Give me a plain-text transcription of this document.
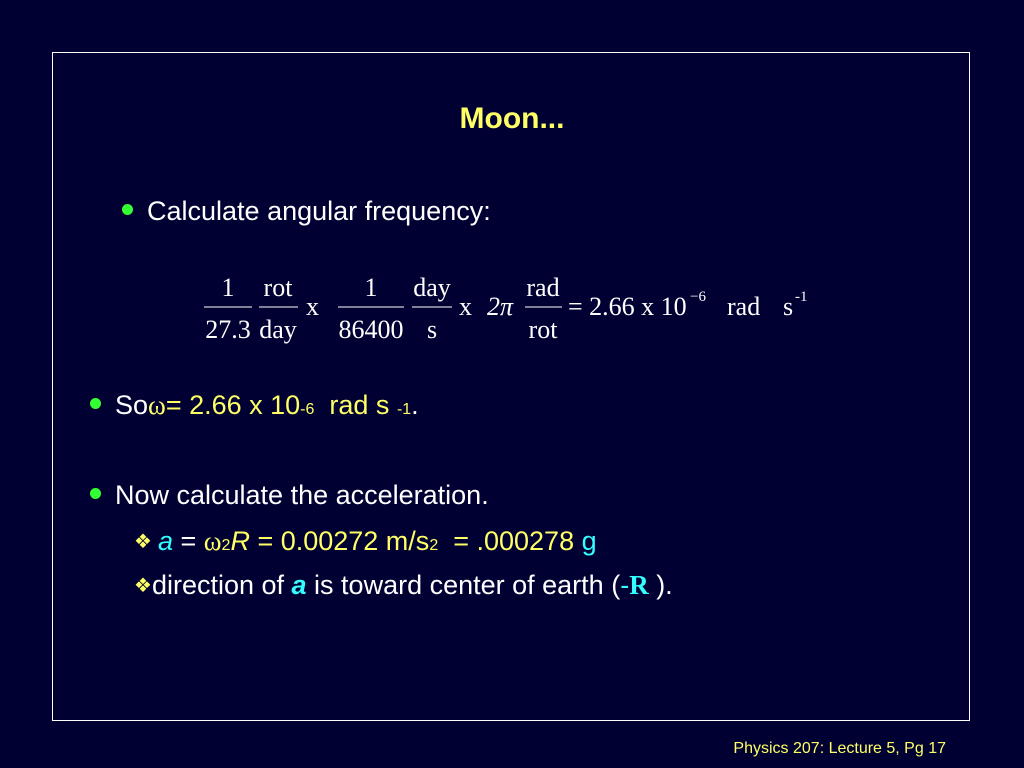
Moon...
Calculate angular frequency:
1
27.3
rot
day
x
1
86400
day
s
x 2π
rad
rot
= 2.66 x 10 −6 rad s -1
So ω = 2.66 x 10 -6 rad s -1 .
Now calculate the acceleration.
❖ a = ω 2 R = 0.00272 m/s 2 = .000278 g
❖ direction of a is toward center of earth ( - R ).
Physics 207: Lecture 5, Pg 17
